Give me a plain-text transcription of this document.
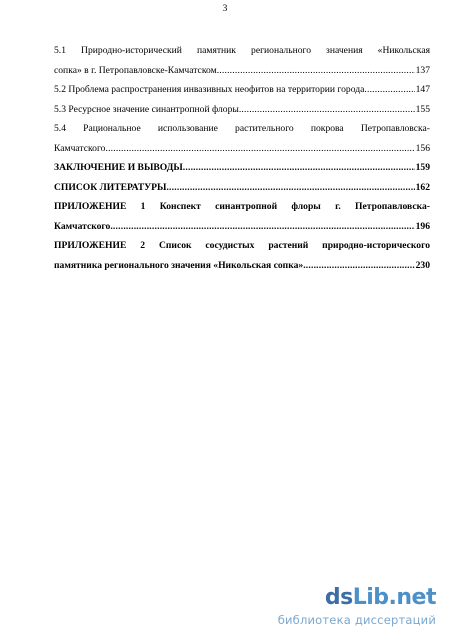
3
5.1 Природно-исторический памятник регионального значения «Никольская
сопка» в г. Петропавловске-Камчатском .....	137
5.2 Проблема распространения инвазивных неофитов на территории города .....	147
5.3 Ресурсное значение синантропной флоры .....	155
5.4 Рациональное использование растительного покрова Петропавловска-
Камчатского .....	156
ЗАКЛЮЧЕНИЕ И ВЫВОДЫ .....	159
СПИСОК ЛИТЕРАТУРЫ .....	162
ПРИЛОЖЕНИЕ 1 Конспект синантропной флоры г. Петропавловска-
Камчатского .....	196
ПРИЛОЖЕНИЕ 2 Список сосудистых растений природно-исторического
памятника регионального значения «Никольская сопка» .....	230
dsLib.net
библиотека диссертаций
